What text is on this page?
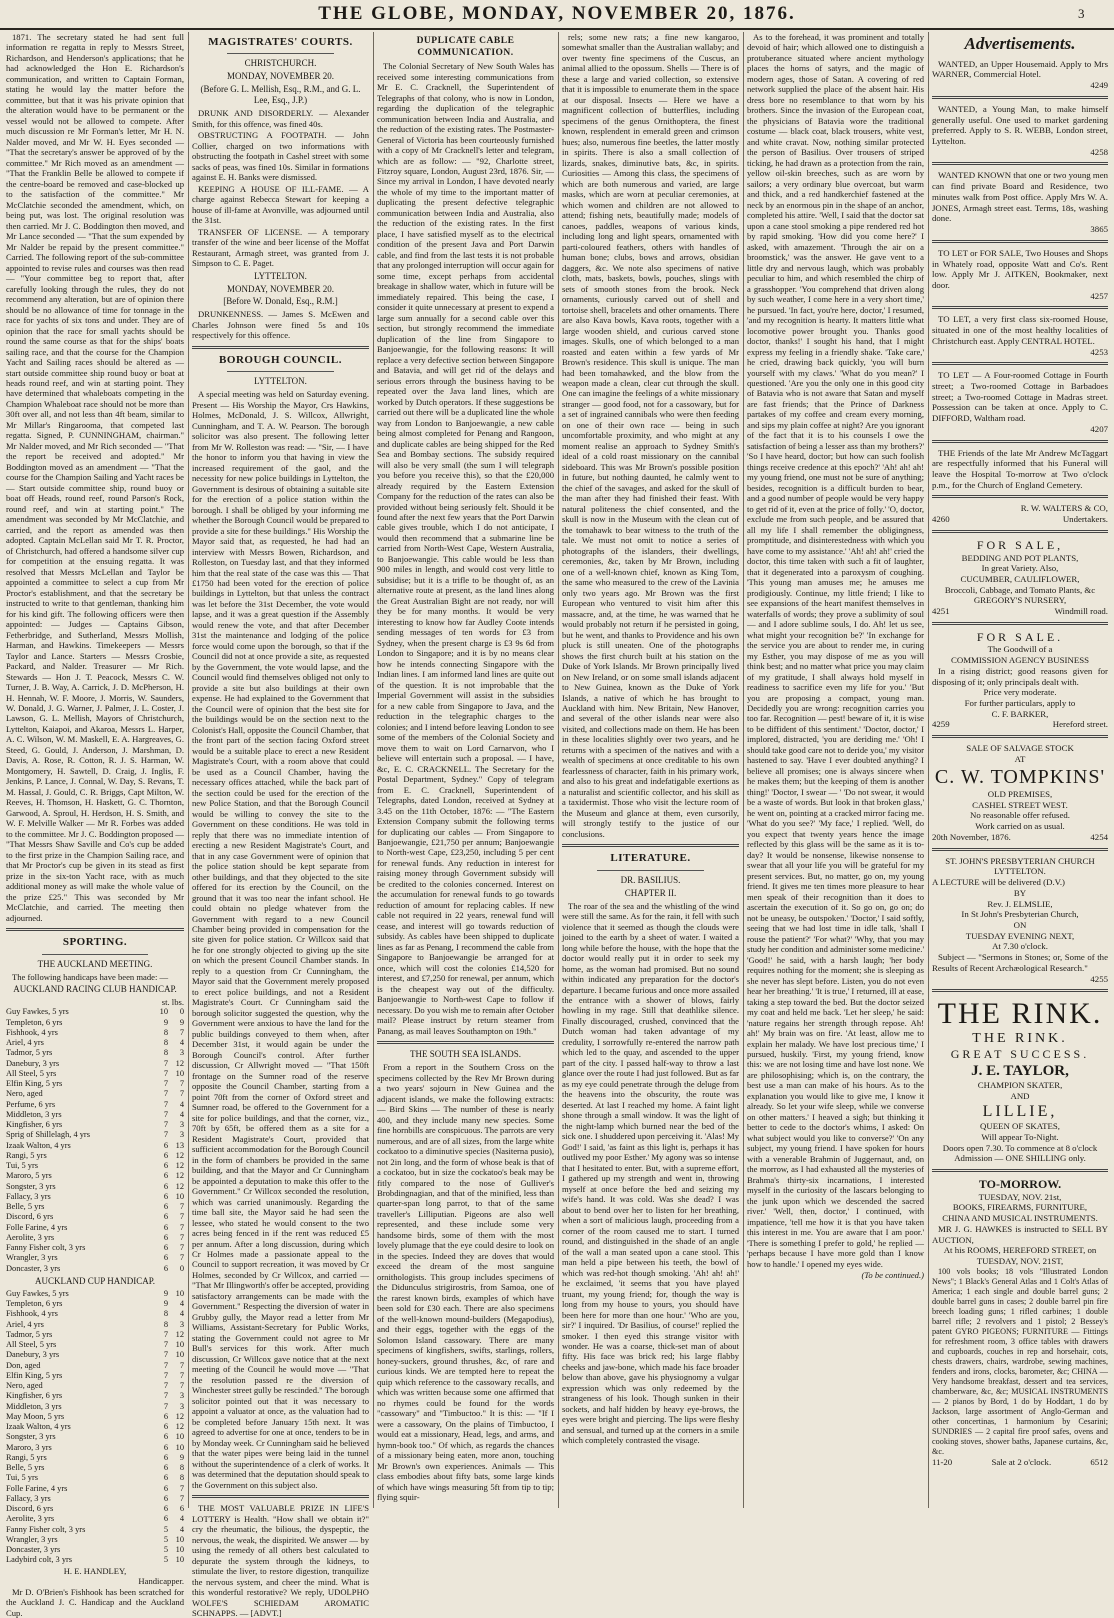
THE GLOBE, MONDAY, NOVEMBER 20, 1876.	3

1871. The secretary stated he had sent full information re regatta in reply to Messrs Street, Richardson, and Henderson's applications; that he had acknowledged the Hon E. Richardson's communication, and written to Captain Forman, stating he would lay the matter before the committee, but that it was his private opinion that the alteration would have to be permanent or the vessel would not be allowed to compete. After much discussion re Mr Forman's letter, Mr H. N. Nalder moved, and Mr W. H. Eyes seconded — "That the secretary's answer be approved of by the committee." Mr Rich moved as an amendment — "That the Franklin Belle be allowed to compete if the centre-board be removed and case-blocked up to the satisfaction of the committee." Mr McClatchie seconded the amendment, which, on being put, was lost. The original resolution was then carried. Mr J. C. Boddington then moved, and Mr Lance seconded — "That the sum expended by Mr Nalder be repaid by the present committee." Carried. The following report of the sub-committee appointed to revise rules and courses was then read — "Your committee beg to report that, after carefully looking through the rules, they do not recommend any alteration, but are of opinion there should be no allowance of time for tonnage in the race for yachts of six tons and under. They are of opinion that the race for small yachts should be round the same course as that for the ships' boats sailing race, and that the course for the Champion Yacht and Sailing races should be altered as — start outside committee ship round buoy or boat at heads round reef, and win at starting point. They have determined that whaleboats competing in the Champion Whaleboat race should not be more than 30ft over all, and not less than 4ft beam, similar to Mr Millar's Ringarooma, that competed last regatta. Signed, P. CUNNINGHAM, chairman." Mr Nalder moved, and Mr Rich seconded — "That the report be received and adopted." Mr Boddington moved as an amendment — "That the course for the Champion Sailing and Yacht races be — Start outside committee ship, round buoy or boat off Heads, round reef, round Parson's Rock, round reef, and win at starting point." The amendment was seconded by Mr McClatchie, and carried, and the report as amended was then adopted. Captain McLellan said Mr T. R. Proctor, of Christchurch, had offered a handsome silver cup for competition at the ensuing regatta. It was resolved that Messrs McLellan and Taylor be appointed a committee to select a cup from Mr Proctor's establishment, and that the secretary be instructed to write to that gentleman, thanking him for his kind gift. The following officers were then appointed: — Judges — Captains Gibson, Fetherbridge, and Sutherland, Messrs Mollish, Harman, and Hawkins. Timekeepers — Messrs Taylor and Lance. Starters — Messrs Crosbie, Packard, and Nalder. Treasurer — Mr Rich. Stewards — Hon J. T. Peacock, Messrs C. W. Turner, J. B. Way, A. Carrick, J. D. McPherson, H. H. Hennah, W. F. Moore, J. Morris, W. Saunders, W. Donald, J. G. Warner, J. Palmer, J. L. Coster, J. Lawson, G. L. Mellish, Mayors of Christchurch, Lyttelton, Kaiapoi, and Akaroa, Messrs L. Harper, A. C. Wilson, W. M. Maskell, E. A. Hargreaves, G. Steed, G. Gould, J. Anderson, J. Marshman, D. Davis, A. Rose, R. Cotton, R. J. S. Harman, W. Montgomery, H. Sawtell, D. Craig, J. Inglis, F. Jenkins, P. Lance, J. Connal, W. Day, S. Revans, T. M. Hassal, J. Gould, C. R. Briggs, Capt Milton, W. Reeves, H. Thomson, H. Haskett, G. C. Thornton, Garwood, A. Sproul, H. Herdson, H. S. Smith, and W. F. Melville Walker — Mr R. Forbes was added to the committee. Mr J. C. Boddington proposed — "That Messrs Shaw Saville and Co's cup be added to the first prize in the Champion Sailing race, and that Mr Proctor's cup be given in its stead as first prize in the six-ton Yacht race, with as much additional money as will make the whole value of the prize £25." This was seconded by Mr McClatchie, and carried. The meeting then adjourned.

SPORTING.
THE AUCKLAND MEETING.

The following handicaps have been made: —

AUCKLAND RACING CLUB HANDICAP.
st. lbs.
Guy Fawkes, 5 yrs	10	0
Templeton, 6 yrs	9	9
Fishhook, 4 yrs	8	7
Ariel, 4 yrs	8	4
Tadmor, 5 yrs	8	3
Danebury, 3 yrs	7	12
All Steel, 5 yrs	7	10
Elfin King, 5 yrs	7	7
Nero, aged	7	7
Perfume, 6 yrs	7	4
Middleton, 3 yrs	7	4
Kingfisher, 6 yrs	7	3
Sprig of Shillelagh, 4 yrs	7	3
Izaak Walton, 4 yrs	6	13
Rangi, 5 yrs	6	12
Tui, 5 yrs	6	12
Maroro, 5 yrs	6	12
Songster, 3 yrs	6	12
Fallacy, 3 yrs	6	10
Belle, 5 yrs	6	7
Discord, 6 yrs	6	7
Folle Farine, 4 yrs	6	7
Aerolite, 3 yrs	6	7
Fanny Fisher colt, 3 yrs	6	7
Wrangler, 3 yrs	6	7
Doncaster, 3 yrs	6	0
AUCKLAND CUP HANDICAP.
Guy Fawkes, 5 yrs	9	10
Templeton, 6 yrs	9	4
Fishhook, 4 yrs	8	4
Ariel, 4 yrs	8	3
Tadmor, 5 yrs	7	12
All Steel, 5 yrs	7	10
Danebury, 3 yrs	7	10
Don, aged	7	7
Elfin King, 5 yrs	7	7
Nero, aged	7	7
Kingfisher, 6 yrs	7	3
Middleton, 3 yrs	7	3
May Moon, 5 yrs	6	12
Izaak Walton, 4 yrs	6	12
Songster, 3 yrs	6	10
Maroro, 3 yrs	6	10
Rangi, 5 yrs	6	9
Belle, 5 yrs	6	8
Tui, 5 yrs	6	8
Folle Farine, 4 yrs	6	7
Fallacy, 3 yrs	6	7
Discord, 6 yrs	6	6
Aerolite, 3 yrs	6	4
Fanny Fisher colt, 3 yrs	5	4
Wrangler, 3 yrs	5	10
Doncaster, 3 yrs	5	10
Ladybird colt, 3 yrs	5	10
H. E. HANDLEY,
Handicapper.

Mr D. O'Brien's Fishhook has been scratched for the Auckland J. C. Handicap and the Auckland Cup.

MAGISTRATES' COURTS.
CHRISTCHURCH.
MONDAY, NOVEMBER 20.
(Before G. L. Mellish, Esq., R.M., and G. L. Lee, Esq., J.P.)

DRUNK AND DISORDERLY. — Alexander Smith, for this offence, was fined 40s.

OBSTRUCTING A FOOTPATH. — John Collier, charged on two informations with obstructing the footpath in Cashel street with some sacks of peas, was fined 10s. Similar in formations against E. H. Banks were dismissed.

KEEPING A HOUSE OF ILL-FAME. — A charge against Rebecca Stewart for keeping a house of ill-fame at Avonville, was adjourned until the 31st.

TRANSFER OF LICENSE. — A temporary transfer of the wine and beer license of the Moffat Restaurant, Armagh street, was granted from J. Simpson to C. E. Paget.

LYTTELTON.
MONDAY, NOVEMBER 20.
[Before W. Donald, Esq., R.M.]

DRUNKENNESS. — James S. McEwen and Charles Johnson were fined 5s and 10s respectively for this offence.

BOROUGH COUNCIL.
LYTTELTON.

A special meeting was held on Saturday evening. Present — His Worship the Mayor, Crs Hawkins, Holmes, McDonald, J. S. Willcox, Allwright, Cunningham, and T. A. W. Pearson. The borough solicitor was also present. The following letter from Mr W. Rolleston was read: — "Sir, — I have the honor to inform you that having in view the increased requirement of the gaol, and the necessity for new police buildings in Lyttelton, the Government is desirous of obtaining a suitable site for the erection of a police station within the borough. I shall be obliged by your informing me whether the Borough Council would be prepared to provide a site for these buildings." His Worship the Mayor said that, as requested, he had had an interview with Messrs Bowen, Richardson, and Rolleston, on Tuesday last, and that they informed him that the real state of the case was this — That £1750 had been voted for the erection of police buildings in Lyttelton, but that unless the contract was let before the 31st December, the vote would lapse, and it was a great question if the Assembly would renew the vote, and that after December 31st the maintenance and lodging of the police force would come upon the borough, so that if the Council did not at once provide a site, as requested by the Government, the vote would lapse, and the Council would find themselves obliged not only to provide a site but also buildings at their own expense. He had explained to the Government that the Council were of opinion that the best site for the buildings would be on the section next to the Colonist's Hall, opposite the Council Chamber, that the front part of the section facing Oxford street would be a suitable place to erect a new Resident Magistrate's Court, with a room above that could be used as a Council Chamber, having the necessary offices attached, while the back part of the section could be used for the erection of the new Police Station, and that the Borough Council would be willing to convey the site to the Government on these conditions. He was told in reply that there was no immediate intention of erecting a new Resident Magistrate's Court, and that in any case Government were of opinion that the police station should be kept separate from other buildings, and that they objected to the site offered for its erection by the Council, on the ground that it was too near the infant school. He could obtain no pledge whatever from the Government with regard to a new Council Chamber being provided in compensation for the site given for police station. Cr Willcox said that he for one strongly objected to giving up the site on which the present Council Chamber stands. In reply to a question from Cr Cunningham, the Mayor said that the Government merely proposed to erect police buildings, and not a Resident Magistrate's Court. Cr Cunningham said the borough solicitor suggested the question, why the Government were anxious to have the land for the public buildings conveyed to them when, after December 31st, it would again be under the Borough Council's control. After further discussion, Cr Allwright moved — "That 150ft frontage on the Sumner road of the reserve opposite the Council Chamber, starting from a point 70ft from the corner of Oxford street and Sumner road, be offered to the Government for a site for police buildings, and that the corner, viz., 70ft by 65ft, be offered them as a site for a Resident Magistrate's Court, provided that sufficient accommodation for the Borough Council in the form of chambers be provided in the same building, and that the Mayor and Cr Cunningham be appointed a deputation to make this offer to the Government." Cr Willcox seconded the resolution, which was carried unanimously. Regarding the time ball site, the Mayor said he had seen the lessee, who stated he would consent to the two acres being fenced in if the rent was reduced £5 per annum. After a long discussion, during which Cr Holmes made a passionate appeal to the Council to support recreation, it was moved by Cr Holmes, seconded by Cr Willcox, and carried — "That Mr Illingworth's offer be accepted, providing satisfactory arrangements can be made with the Government." Respecting the diversion of water in Grubby gully, the Mayor read a letter from Mr Williams, Assistant-Secretary for Public Works, stating the Government could not agree to Mr Bull's services for this work. After much discussion, Cr Willcox gave notice that at the next meeting of the Council he would move — "That the resolution passed re the diversion of Winchester street gully be rescinded." The borough solicitor pointed out that it was necessary to appoint a valuator at once, as the valuation had to be completed before January 15th next. It was agreed to advertise for one at once, tenders to be in by Monday week. Cr Cunningham said he believed that the water pipes were being laid in the tunnel without the superintendence of a clerk of works. It was determined that the deputation should speak to the Government on this subject also.

THE MOST VALUABLE PRIZE IN LIFE'S LOTTERY is Health. "How shall we obtain it?" cry the rheumatic, the bilious, the dyspeptic, the nervous, the weak, the dispirited. We answer — by using the remedy of all others best calculated to depurate the system through the kidneys, to stimulate the liver, to restore digestion, tranquilize the nervous system, and cheer the mind. What is this wonderful restorative? We reply, UDOLPHO WOLFE'S SCHIEDAM AROMATIC SCHNAPPS. — [ADVT.]

DUPLICATE CABLE COMMUNICATION.

The Colonial Secretary of New South Wales has received some interesting communications from Mr E. C. Cracknell, the Superintendent of Telegraphs of that colony, who is now in London, regarding the duplication of the telegraphic communication between India and Australia, and the reduction of the existing rates. The Postmaster-General of Victoria has been courteously furnished with a copy of Mr Cracknell's letter and telegram, which are as follow: — "92, Charlotte street, Fitzroy square, London, August 23rd, 1876. Sir, — Since my arrival in London, I have devoted nearly the whole of my time to the important matter of duplicating the present defective telegraphic communication between India and Australia, also the reduction of the existing rates. In the first place, I have satisfied myself as to the electrical condition of the present Java and Port Darwin cable, and find from the last tests it is not probable that any prolonged interruption will occur again for some time, except perhaps from accidental breakage in shallow water, which in future will be immediately repaired. This being the case, I consider it quite unnecessary at present to expend a large sum annually for a second cable over this section, but strongly recommend the immediate duplication of the line from Singapore to Banjoewangie, for the following reasons: It will replace a very defective section between Singapore and Batavia, and will get rid of the delays and serious errors through the business having to be repeated over the Java land lines, which are worked by Dutch operators. If these suggestions be carried out there will be a duplicated line the whole way from London to Banjoewangie, a new cable being almost completed for Penang and Rangoon, and duplicate cables are being shipped for the Red Sea and Bombay sections. The subsidy required will also be very small (the sum I will telegraph you before you receive this), so that the £20,000 already required by the Eastern Extension Company for the reduction of the rates can also be provided without being seriously felt. Should it be found after the next few years that the Port Darwin cable gives trouble, which I do not anticipate, I would then recommend that a submarine line be carried from North-West Cape, Western Australia, to Banjoewangie. This cable would be less than 900 miles in length, and would cost very little to subsidise; but it is a trifle to be thought of, as an alternative route at present, as the land lines along the Great Australian Bight are not ready, nor will they be for many months. It would be very interesting to know how far Audley Coote intends sending messages of ten words for £3 from Sydney, when the present charge is £3 9s 6d from London to Singapore; and it is by no means clear how he intends connecting Singapore with the Indian lines. I am informed land lines are quite out of the question. It is not improbable that the Imperial Government will assist in the subsidies for a new cable from Singapore to Java, and the reduction in the telegraphic charges to the colonies; and I intend before leaving London to see some of the members of the Colonial Society and move them to wait on Lord Carnarvon, who I believe will entertain such a proposal. — I have, &c, E. C. CRACKNELL. The Secretary for the Postal Department, Sydney." Copy of telegram from E. C. Cracknell, Superintendent of Telegraphs, dated London, received at Sydney at 3.45 on the 11th October, 1876: — "The Eastern Extension Company submit the following terms for duplicating our cables — From Singapore to Banjoewangie, £21,750 per annum; Banjoewangie to North-west Cape, £23,250, including 5 per cent for renewal funds. Any reduction in interest for raising money through Government subsidy will be credited to the colonies concerned. Interest on the accumulation for renewal funds to go towards reduction of amount for replacing cables. If new cable not required in 22 years, renewal fund will cease, and interest will go towards reduction of subsidy. As cables have been shipped to duplicate lines as far as Penang, I recommend the cable from Singapore to Banjoewangie be arranged for at once, which will cost the colonies £14,520 for interest, and £7,250 for renewal, per annum, which is the cheapest way out of the difficulty. Banjoewangie to North-west Cape to follow if necessary. Do you wish me to remain after October mail? Please instruct by return steamer from Panang, as mail leaves Southampton on 19th."

THE SOUTH SEA ISLANDS.

From a report in the Southern Cross on the specimens collected by the Rev Mr Brown during a two years' sojourn in New Guinea and the adjacent islands, we make the following extracts: — Bird Skins — The number of these is nearly 400, and they include many new species. Some fine hornbills are conspicuous. The parrots are very numerous, and are of all sizes, from the large white cockatoo to a diminutive species (Nasiterna pusio), not 2in long, and the form of whose beak is that of a cockatoo, but in size the cockatoo's beak may be fitly compared to the nose of Gulliver's Brobdingnagian, and that of the minified, less than quarter-span long parrot, to that of the same traveller's Lilliputian. Pigeons are also well represented, and these include some very handsome birds, some of them with the most lovely plumage that the eye could desire to look on in the species. Indeed they are doves that would exceed the dream of the most sanguine ornithologists. This group includes specimens of the Didunculus strigirostris, from Samoa, one of the rarest known birds, examples of which have been sold for £30 each. There are also specimens of the well-known mound-builders (Megapodius), and their eggs, together with the eggs of the Solomon Island cassowary. There are many specimens of kingfishers, swifts, starlings, rollers, honey-suckers, ground thrushes, &c, of rare and curious kinds. We are tempted here to repeat the quip which reference to the cassowary recalls, and which was written because some one affirmed that no rhymes could be found for the words "cassowary" and "Timbuctoo." It is this: — "If I were a cassowary, On the plains of Timbuctoo, I would eat a missionary, Head, legs, and arms, and hymn-book too." Of which, as regards the chances of a missionary being eaten, more anon, touching Mr Brown's own experiences. Animals — This class embodies about fifty bats, some large kinds of which have wings measuring 5ft from tip to tip; flying squir-

rels; some new rats; a fine new kangaroo, somewhat smaller than the Australian wallaby; and over twenty fine specimens of the Cuscus, an animal allied to the opossum. Shells — There is of these a large and varied collection, so extensive that it is impossible to enumerate them in the space at our disposal. Insects — Here we have a magnificent collection of butterflies, including specimens of the genus Ornithoptera, the finest known, resplendent in emerald green and crimson hues; also, numerous fine beetles, the latter mostly in spirits. There is also a small collection of lizards, snakes, diminutive bats, &c, in spirits. Curiosities — Among this class, the specimens of which are both numerous and varied, are large masks, which are worn at peculiar ceremonies, at which women and children are not allowed to attend; fishing nets, beautifully made; models of canoes, paddles, weapons of various kinds, including long and light spears, ornamented with parti-coloured feathers, others with handles of human bone; clubs, bows and arrows, obsidian daggers, &c. We note also specimens of native cloth, mats, baskets, bowls, pouches, slings with sets of smooth stones from the brook. Neck ornaments, curiously carved out of shell and tortoise shell, bracelets and other ornaments. There are also Kava bowls, Kava roots, together with a large wooden shield, and curious carved stone images. Skulls, one of which belonged to a man roasted and eaten within a few yards of Mr Brown's residence. This skull is unique. The man had been tomahawked, and the blow from the weapon made a clean, clear cut through the skull. One can imagine the feelings of a white missionary stranger — good food, not for a cassowary, but for a set of ingrained cannibals who were then feeding on one of their own race — being in such uncomfortable proximity, and who might at any moment realise an approach to Sydney Smith's ideal of a cold roast missionary on the cannibal sideboard. This was Mr Brown's possible position in future, but nothing daunted, he calmly went to the chief of the savages, and asked for the skull of the man after they had finished their feast. With natural politeness the chief consented, and the skull is now in the Museum with the clean cut of the tomahawk to bear witness to the truth of the tale. We must not omit to notice a series of photographs of the islanders, their dwellings, ceremonies, &c, taken by Mr Brown, including one of a well-known chief, known as King Tom, the same who measured to the crew of the Lavinia only two years ago. Mr Brown was the first European who ventured to visit him after this massacre, and, at the time, he was warned that he would probably not return if he persisted in going, but he went, and thanks to Providence and his own pluck is still uneaten. One of the photographs shows the first church built at his station on the Duke of York Islands. Mr Brown principally lived on New Ireland, or on some small islands adjacent to New Guinea, known as the Duke of York Islands, a native of which he has brought to Auckland with him. New Britain, New Hanover, and several of the other islands near were also visited, and collections made on them. He has been in these localities slightly over two years, and he returns with a specimen of the natives and with a wealth of specimens at once creditable to his own fearlessness of character, faith in his primary work, and also to his great and indefatigable exertions as a naturalist and scientific collector, and his skill as a taxidermist. Those who visit the lecture room of the Museum and glance at them, even cursorily, will strongly testify to the justice of our conclusions.

LITERATURE.
DR. BASILIUS.
CHAPTER II.

The roar of the sea and the whistling of the wind were still the same. As for the rain, it fell with such violence that it seemed as though the clouds were joined to the earth by a sheet of water. I waited a long while before the house, with the hope that the doctor would really put it in order to seek my home, as the woman had promised. But no sound within indicated any preparation for the doctor's departure. I became furious and once more assailed the entrance with a shower of blows, fairly howling in my rage. Still that deathlike silence. Finally discouraged, crushed, convinced that the Dutch woman had taken advantage of my credulity, I sorrowfully re-entered the narrow path which led to the quay, and ascended to the upper part of the city. I passed half-way to throw a last glance over the route I had just followed. But as far as my eye could penetrate through the deluge from the heavens into the obscurity, the route was deserted. At last I reached my home. A faint light shone through a small window. It was the light of the night-lamp which burned near the bed of the sick one. I shuddered upon perceiving it. 'Alas! My God!' I said, 'as faint as this light is, perhaps it has outlived my poor Esther.' My agony was so intense that I hesitated to enter. But, with a supreme effort, I gathered up my strength and went in, throwing myself at once before the bed and seizing my wife's hand. It was cold. Was she dead? I was about to bend over her to listen for her breathing, when a sort of malicious laugh, proceeding from a corner of the room caused me to start. I turned round, and distinguished in the shade of an angle of the wall a man seated upon a cane stool. This man held a pipe between his teeth, the bowl of which was red-hot though smoking. 'Ah! ah! ah!' he exclaimed, 'it seems that you have played truant, my young friend; for, though the way is long from my house to yours, you should have been here for more than one hour.' 'Who are you, sir?' I inquired. 'Dr Basilius, of course!' replied the smoker. I then eyed this strange visitor with wonder. He was a coarse, thick-set man of about fifty. His face was brick red; his large flabby cheeks and jaw-bone, which made his face broader below than above, gave his physiognomy a vulgar expression which was only redeemed by the strangeness of his look. Though sunken in their sockets, and half hidden by heavy eye-brows, the eyes were bright and piercing. The lips were fleshy and sensual, and turned up at the corners in a smile which completely contrasted the visage.

As to the forehead, it was prominent and totally devoid of hair; which allowed one to distinguish a protuberance situated where ancient mythology places the horns of satyrs, and the magic of modern ages, those of Satan. A covering of red network supplied the place of the absent hair. His dress bore no resemblance to that worn by his brothers. Since the invasion of the European coat, the physicians of Batavia wore the traditional costume — black coat, black trousers, white vest, and white cravat. Now, nothing similar protected the person of Basilius. Over trousers of striped ticking, he had drawn as a protection from the rain, yellow oil-skin breeches, such as are worn by sailors; a very ordinary blue overcoat, but warm and thick, and a red handkerchief fastened at the neck by an enormous pin in the shape of an anchor, completed his attire. 'Well, I said that the doctor sat upon a cane stool smoking a pipe rendered red hot by rapid smoking. 'How did you come here?' I asked, with amazement. 'Through the air on a broomstick,' was the answer. He gave vent to a little dry and nervous laugh, which was probably peculiar to him, and which resembled the chirp of a grasshopper. 'You comprehend that driven along by such weather, I come here in a very short time,' he pursued. 'In fact, you're here, doctor,' I resumed, 'and my recognition is hearty. It matters little what locomotive power brought you. Thanks good doctor, thanks!' I sought his hand, that I might express my feeling in a friendly shake. 'Take care,' he cried, drawing back quickly, 'you will burn yourself with my claws.' 'What do you mean?' I questioned. 'Are you the only one in this good city of Batavia who is not aware that Satan and myself are fast friends; that the Prince of Darkness partakes of my coffee and cream every morning, and sips my plain coffee at night? Are you ignorant of the fact that it is to his counsels I owe the satisfaction of being a lesser ass than my brothers?' 'So I have heard, doctor; but how can such foolish things receive credence at this epoch?' 'Ah! ah! ah! my young friend, one must not be sure of anything; besides, recognition is a difficult burden to bear, and a good number of people would be very happy to get rid of it, even at the price of folly.' 'O, doctor, exclude me from such people, and be assured that all my life I shall remember the obligingness, promptitude, and disinterestedness with which you have come to my assistance.' 'Ah! ah! ah!' cried the doctor, this time taken with such a fit of laughter, that it degenerated into a paroxysm of coughing. 'This young man amuses me; he amuses me prodigiously. Continue, my little friend; I like to see expansions of the heart manifest themselves in waterfalls of words; they prove a sublimity of soul — and I adore sublime souls, I do. Ah! let us see, what might your recognition be?' 'In exchange for the service you are about to render me, in curing my Esther, you may dispose of me as you will think best; and no matter what price you may claim of my gratitude, I shall always hold myself in readiness to sacrifice even my life for you.' 'But you are proposing a compact, young man. Decidedly you are wrong: recognition carries you too far. Recognition — pest! beware of it, it is wise to be diffident of this sentiment.' 'Doctor, doctor,' I implored, distracted, 'you are deriding me.' 'Oh! I should take good care not to deride you,' my visitor hastened to say. 'Have I ever doubted anything? I believe all promises; one is always sincere when he makes them; but the keeping of them is another thing!' 'Doctor, I swear — ' 'Do not swear, it would be a waste of words. But look in that broken glass,' he went on, pointing at a cracked mirror facing me. 'What do you see?' 'My face,' I replied. 'Well, do you expect that twenty years hence the image reflected by this glass will be the same as it is to-day? It would be nonsense, likewise nonsense to swear that all your life you will be grateful for my present services. But, no matter, go on, my young friend. It gives me ten times more pleasure to hear men speak of their recognition than it does to ascertain the execution of it. So go on, go on; do not be uneasy, be outspoken.' 'Doctor,' I said softly, seeing that we had lost time in idle talk, 'shall I rouse the patient?' 'For what?' 'Why, that you may study her condition and administer some medicine.' 'Good!' he said, with a harsh laugh; 'her body requires nothing for the moment; she is sleeping as she never has slept before. Listen, you do not even hear her breathing.' 'It is true,' I returned, ill at ease, taking a step toward the bed. But the doctor seized my coat and held me back. 'Let her sleep,' he said: 'nature regains her strength through repose. Ah! ah!' My brain was on fire. 'At least, allow me to explain her malady. We have lost precious time,' I pursued, huskily. 'First, my young friend, know this: we are not losing time and have lost none. We are philosophising; which is, on the contrary, the best use a man can make of his hours. As to the explanation you would like to give me, I know it already. So let your wife sleep, while we converse on other matters.' I heaved a sigh; but thinking it better to cede to the doctor's whims, I asked: On what subject would you like to converse?' 'On any subject, my young friend. I have spoken for hours with a venerable Brahmin of Juggernaut, and, on the morrow, as I had exhausted all the mysteries of Brahma's thirty-six incarnations, I interested myself in the curiosity of the lascars belonging to the junk upon which we descended the sacred river.' 'Well, then, doctor,' I continued, with impatience, 'tell me how it is that you have taken this interest in me. You are aware that I am poor.' 'There is something I prefer to gold,' he replied — 'perhaps because I have more gold than I know how to handle.' I opened my eyes wide.

(To be continued.)
Advertisements.

WANTED, an Upper Housemaid. Apply to Mrs WARNER, Commercial Hotel.

4249

WANTED, a Young Man, to make himself generally useful. One used to market gardening preferred. Apply to S. R. WEBB, London street, Lyttelton.

4258

WANTED KNOWN that one or two young men can find private Board and Residence, two minutes walk from Post office. Apply Mrs W. A. JONES, Armagh street east. Terms, 18s, washing done.

3865

TO LET or FOR SALE, Two Houses and Shops in Whately road, opposite Watt and Co's. Rent low. Apply Mr J. AITKEN, Bookmaker, next door.

4257

TO LET, a very first class six-roomed House, situated in one of the most healthy localities of Christchurch east. Apply CENTRAL HOTEL.

4253

TO LET — A Four-roomed Cottage in Fourth street; a Two-roomed Cottage in Barbadoes street; a Two-roomed Cottage in Madras street. Possession can be taken at once. Apply to C. DIFFORD, Waltham road.

4207

THE Friends of the late Mr Andrew McTaggart are respectfully informed that his Funeral will leave the Hospital To-morrow at Two o'clock p.m., for the Church of England Cemetery.

R. W. WALTERS & CO,
4260	Undertakers.
FOR SALE,
BEDDING AND POT PLANTS,
In great Variety. Also,
CUCUMBER, CAULIFLOWER,
Broccoli, Cabbage, and Tomato Plants, &c
GREGORY'S NURSERY,
4251	Windmill road.
FOR SALE.
The Goodwill of a
COMMISSION AGENCY BUSINESS

In a rising district; good reasons given for disposing of it; only principals dealt with.

Price very moderate.
For further particulars, apply to
C. F. BARKER,
4259	Hereford street.
SALE OF SALVAGE STOCK
AT
C. W. TOMPKINS'
OLD PREMISES,
CASHEL STREET WEST.
No reasonable offer refused.
Work carried on as usual.
20th November, 1876.	4254
ST. JOHN'S PRESBYTERIAN CHURCH
LYTTELTON.
A LECTURE will be delivered (D.V.)
BY
Rev. J. ELMSLIE,
In St John's Presbyterian Church,
ON
TUESDAY EVENING NEXT,
At 7.30 o'clock.

Subject — "Sermons in Stones; or, Some of the Results of Recent Archæological Research."

4255
THE RINK.
THE RINK.
GREAT SUCCESS.
J. E. TAYLOR,
CHAMPION SKATER,
AND
LILLIE,
QUEEN OF SKATES,
Will appear To-Night.
Doors open 7.30. To commence at 8 o'clock
Admission — ONE SHILLING only.
TO-MORROW.
TUESDAY, NOV. 21st,
BOOKS, FIREARMS, FURNITURE,
CHINA AND MUSICAL INSTRUMENTS.

MR J. G. HAWKES is instructed to SELL BY AUCTION,

At his ROOMS, HEREFORD STREET, on TUESDAY, NOV. 21ST,

100 vols books; 18 vols "Illustrated London News"; 1 Black's General Atlas and 1 Colt's Atlas of America; 1 each single and double barrel guns; 2 double barrel guns in cases; 2 double barrel pin fire breech loading guns; 1 rifled carbines; 1 double barrel rifle; 2 revolvers and 1 pistol; 2 Bessey's patent GYRO PIGEONS; FURNITURE — Fittings for refreshment room, 3 office tables with drawers and cupboards, couches in rep and horsehair, cots, chests drawers, chairs, wardrobe, sewing machines, fenders and irons, clocks, barometer, &c; CHINA — Very handsome breakfast, dessert and tea services, chamberware, &c, &c; MUSICAL INSTRUMENTS — 2 pianos by Bord, 1 do by Hoddart, 1 do by Jackson, large assortment of Anglo-German and other concertinas, 1 harmonium by Cesarini; SUNDRIES — 2 capital fire proof safes, ovens and cooking stoves, shower baths, Japanese curtains, &c, &c.

11-20	Sale at 2 o'clock.	6512
